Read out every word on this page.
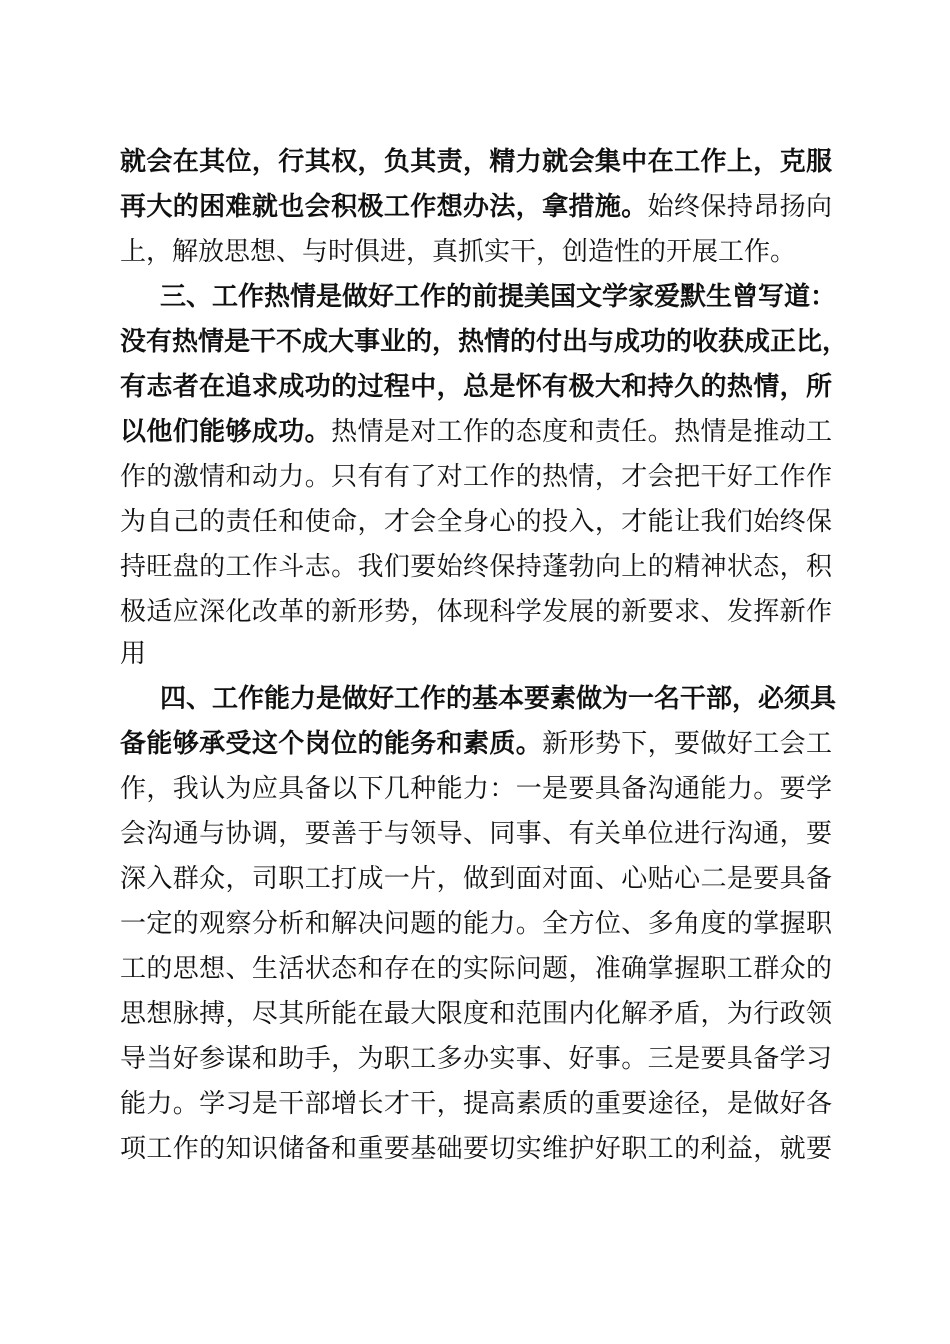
就会在其位，行其权，负其责，精力就会集中在工作上，克服
再大的困难就也会积极工作想办法，拿措施。始终保持昂扬向
上，解放思想、与时俱进，真抓实干，创造性的开展工作。
三、工作热情是做好工作的前提美国文学家爱默生曾写道：
没有热情是干不成大事业的，热情的付出与成功的收获成正比，
有志者在追求成功的过程中，总是怀有极大和持久的热情，所
以他们能够成功。热情是对工作的态度和责任。热情是推动工
作的激情和动力。只有有了对工作的热情，才会把干好工作作
为自己的责任和使命，才会全身心的投入，才能让我们始终保
持旺盘的工作斗志。我们要始终保持蓬勃向上的精神状态，积
极适应深化改革的新形势，体现科学发展的新要求、发挥新作
用
四、工作能力是做好工作的基本要素做为一名干部，必须具
备能够承受这个岗位的能务和素质。新形势下，要做好工会工
作，我认为应具备以下几种能力：一是要具备沟通能力。要学
会沟通与协调，要善于与领导、同事、有关单位进行沟通，要
深入群众，司职工打成一片，做到面对面、心贴心二是要具备
一定的观察分析和解决问题的能力。全方位、多角度的掌握职
工的思想、生活状态和存在的实际问题，准确掌握职工群众的
思想脉搏，尽其所能在最大限度和范围内化解矛盾，为行政领
导当好参谋和助手，为职工多办实事、好事。三是要具备学习
能力。学习是干部增长才干，提高素质的重要途径，是做好各
项工作的知识储备和重要基础要切实维护好职工的利益，就要
